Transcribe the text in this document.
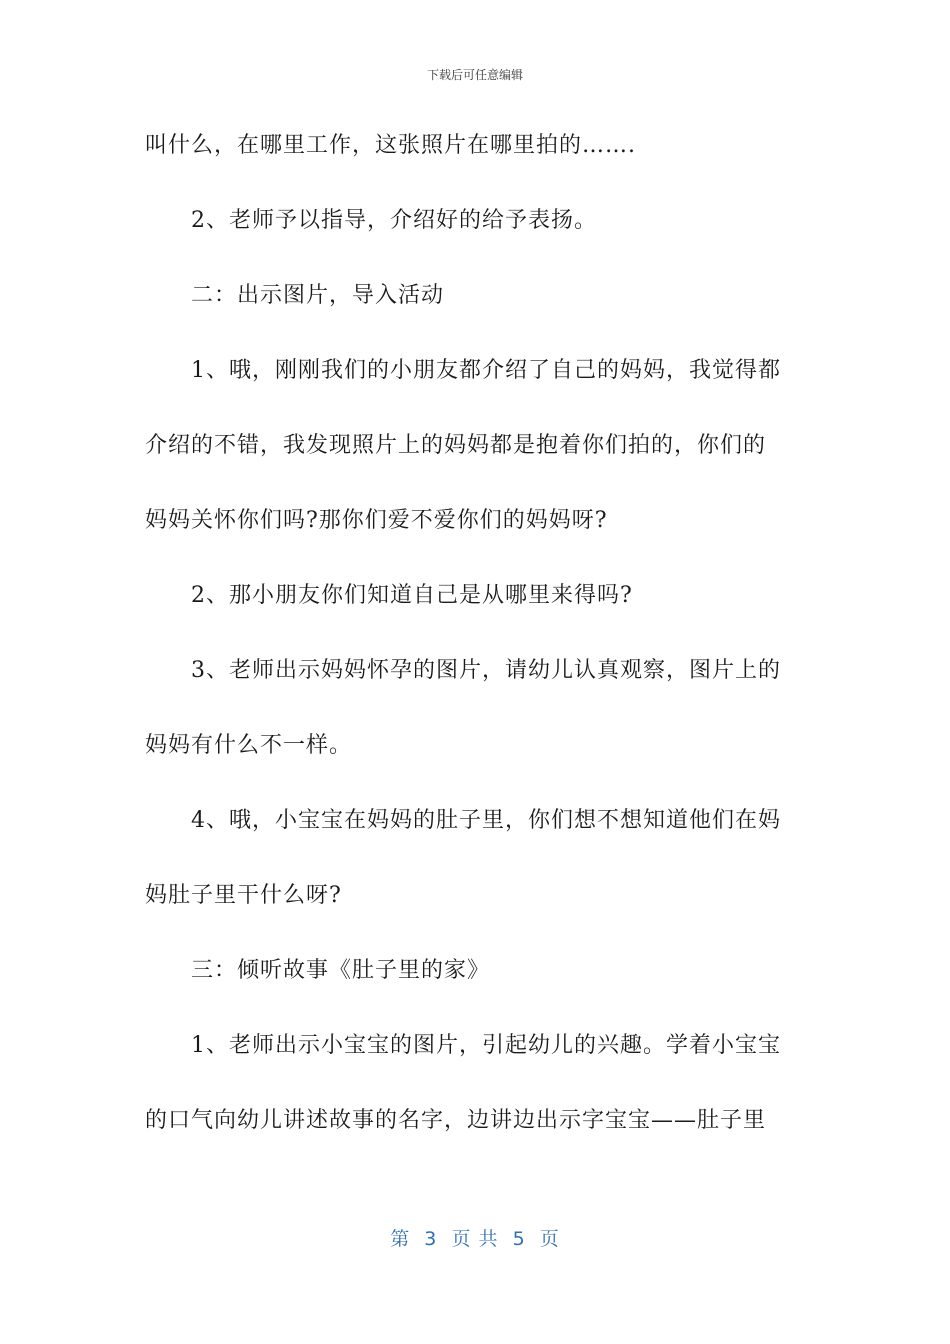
下载后可任意编辑
叫什么，在哪里工作，这张照片在哪里拍的…….
2、老师予以指导，介绍好的给予表扬。
二：出示图片，导入活动
1、哦，刚刚我们的小朋友都介绍了自己的妈妈，我觉得都
介绍的不错，我发现照片上的妈妈都是抱着你们拍的，你们的
妈妈关怀你们吗?那你们爱不爱你们的妈妈呀?
2、那小朋友你们知道自己是从哪里来得吗?
3、老师出示妈妈怀孕的图片，请幼儿认真观察，图片上的
妈妈有什么不一样。
4、哦，小宝宝在妈妈的肚子里，你们想不想知道他们在妈
妈肚子里干什么呀?
三：倾听故事《肚子里的家》
1、老师出示小宝宝的图片，引起幼儿的兴趣。学着小宝宝
的口气向幼儿讲述故事的名字，边讲边出示字宝宝——肚子里
第  3  页 共  5  页
